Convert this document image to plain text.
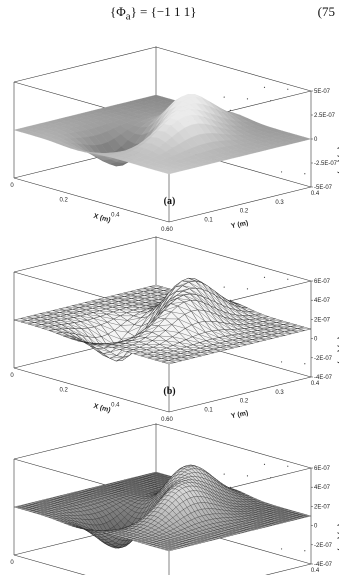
$\{\Phi_a\} = \{-1$ 1 1}	(75
5E-07
2.5E-07
0
-2.5E-07
-5E-07
0
0.2
0.4
0.60
X (m)	0.1
0.2
0.3
0.4
Y (m)
(a)
6E-07
4E-07
2E-07
0
-2E-07
-4E-07
0
0.2
0.4
0.60
X (m)	0.1
0.2
0.3
0.4
Y (m)
(b)
6E-07
4E-07
2E-07
0
-2E-07
-4E-07
0
0.4
